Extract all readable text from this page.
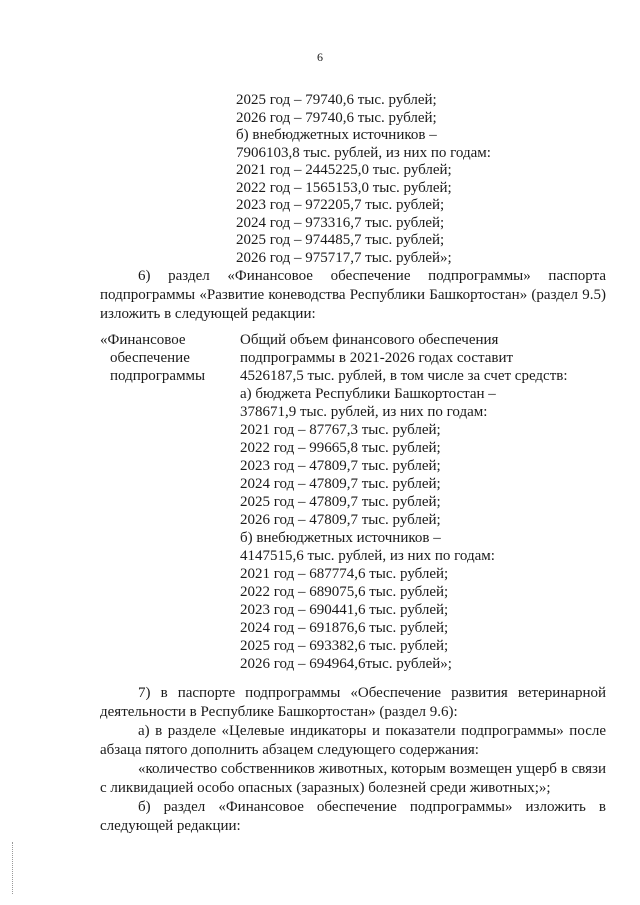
6
2025 год – 79740,6 тыс. рублей;
2026 год – 79740,6 тыс. рублей;
б) внебюджетных источников –
7906103,8 тыс. рублей, из них по годам:
2021 год – 2445225,0 тыс. рублей;
2022 год – 1565153,0 тыс. рублей;
2023 год – 972205,7 тыс. рублей;
2024 год – 973316,7 тыс. рублей;
2025 год – 974485,7 тыс. рублей;
2026 год – 975717,7 тыс. рублей»;
6) раздел «Финансовое обеспечение подпрограммы» паспорта подпрограммы «Развитие коневодства Республики Башкортостан» (раздел 9.5) изложить в следующей редакции:
«Финансовое
обеспечение
подпрограммы
Общий объем финансового обеспечения
подпрограммы в 2021-2026 годах составит
4526187,5 тыс. рублей, в том числе за счет средств:
а) бюджета Республики Башкортостан –
378671,9 тыс. рублей, из них по годам:
2021 год – 87767,3 тыс. рублей;
2022 год – 99665,8 тыс. рублей;
2023 год – 47809,7 тыс. рублей;
2024 год – 47809,7 тыс. рублей;
2025 год – 47809,7 тыс. рублей;
2026 год – 47809,7 тыс. рублей;
б) внебюджетных источников –
4147515,6 тыс. рублей, из них по годам:
2021 год – 687774,6 тыс. рублей;
2022 год – 689075,6 тыс. рублей;
2023 год – 690441,6 тыс. рублей;
2024 год – 691876,6 тыс. рублей;
2025 год – 693382,6 тыс. рублей;
2026 год – 694964,6тыс. рублей»;
7) в паспорте подпрограммы «Обеспечение развития ветеринарной деятельности в Республике Башкортостан» (раздел 9.6):
а) в разделе «Целевые индикаторы и показатели подпрограммы» после абзаца пятого дополнить абзацем следующего содержания:
«количество собственников животных, которым возмещен ущерб в связи с ликвидацией особо опасных (заразных) болезней среди животных;»;
б) раздел «Финансовое обеспечение подпрограммы» изложить в следующей редакции:
